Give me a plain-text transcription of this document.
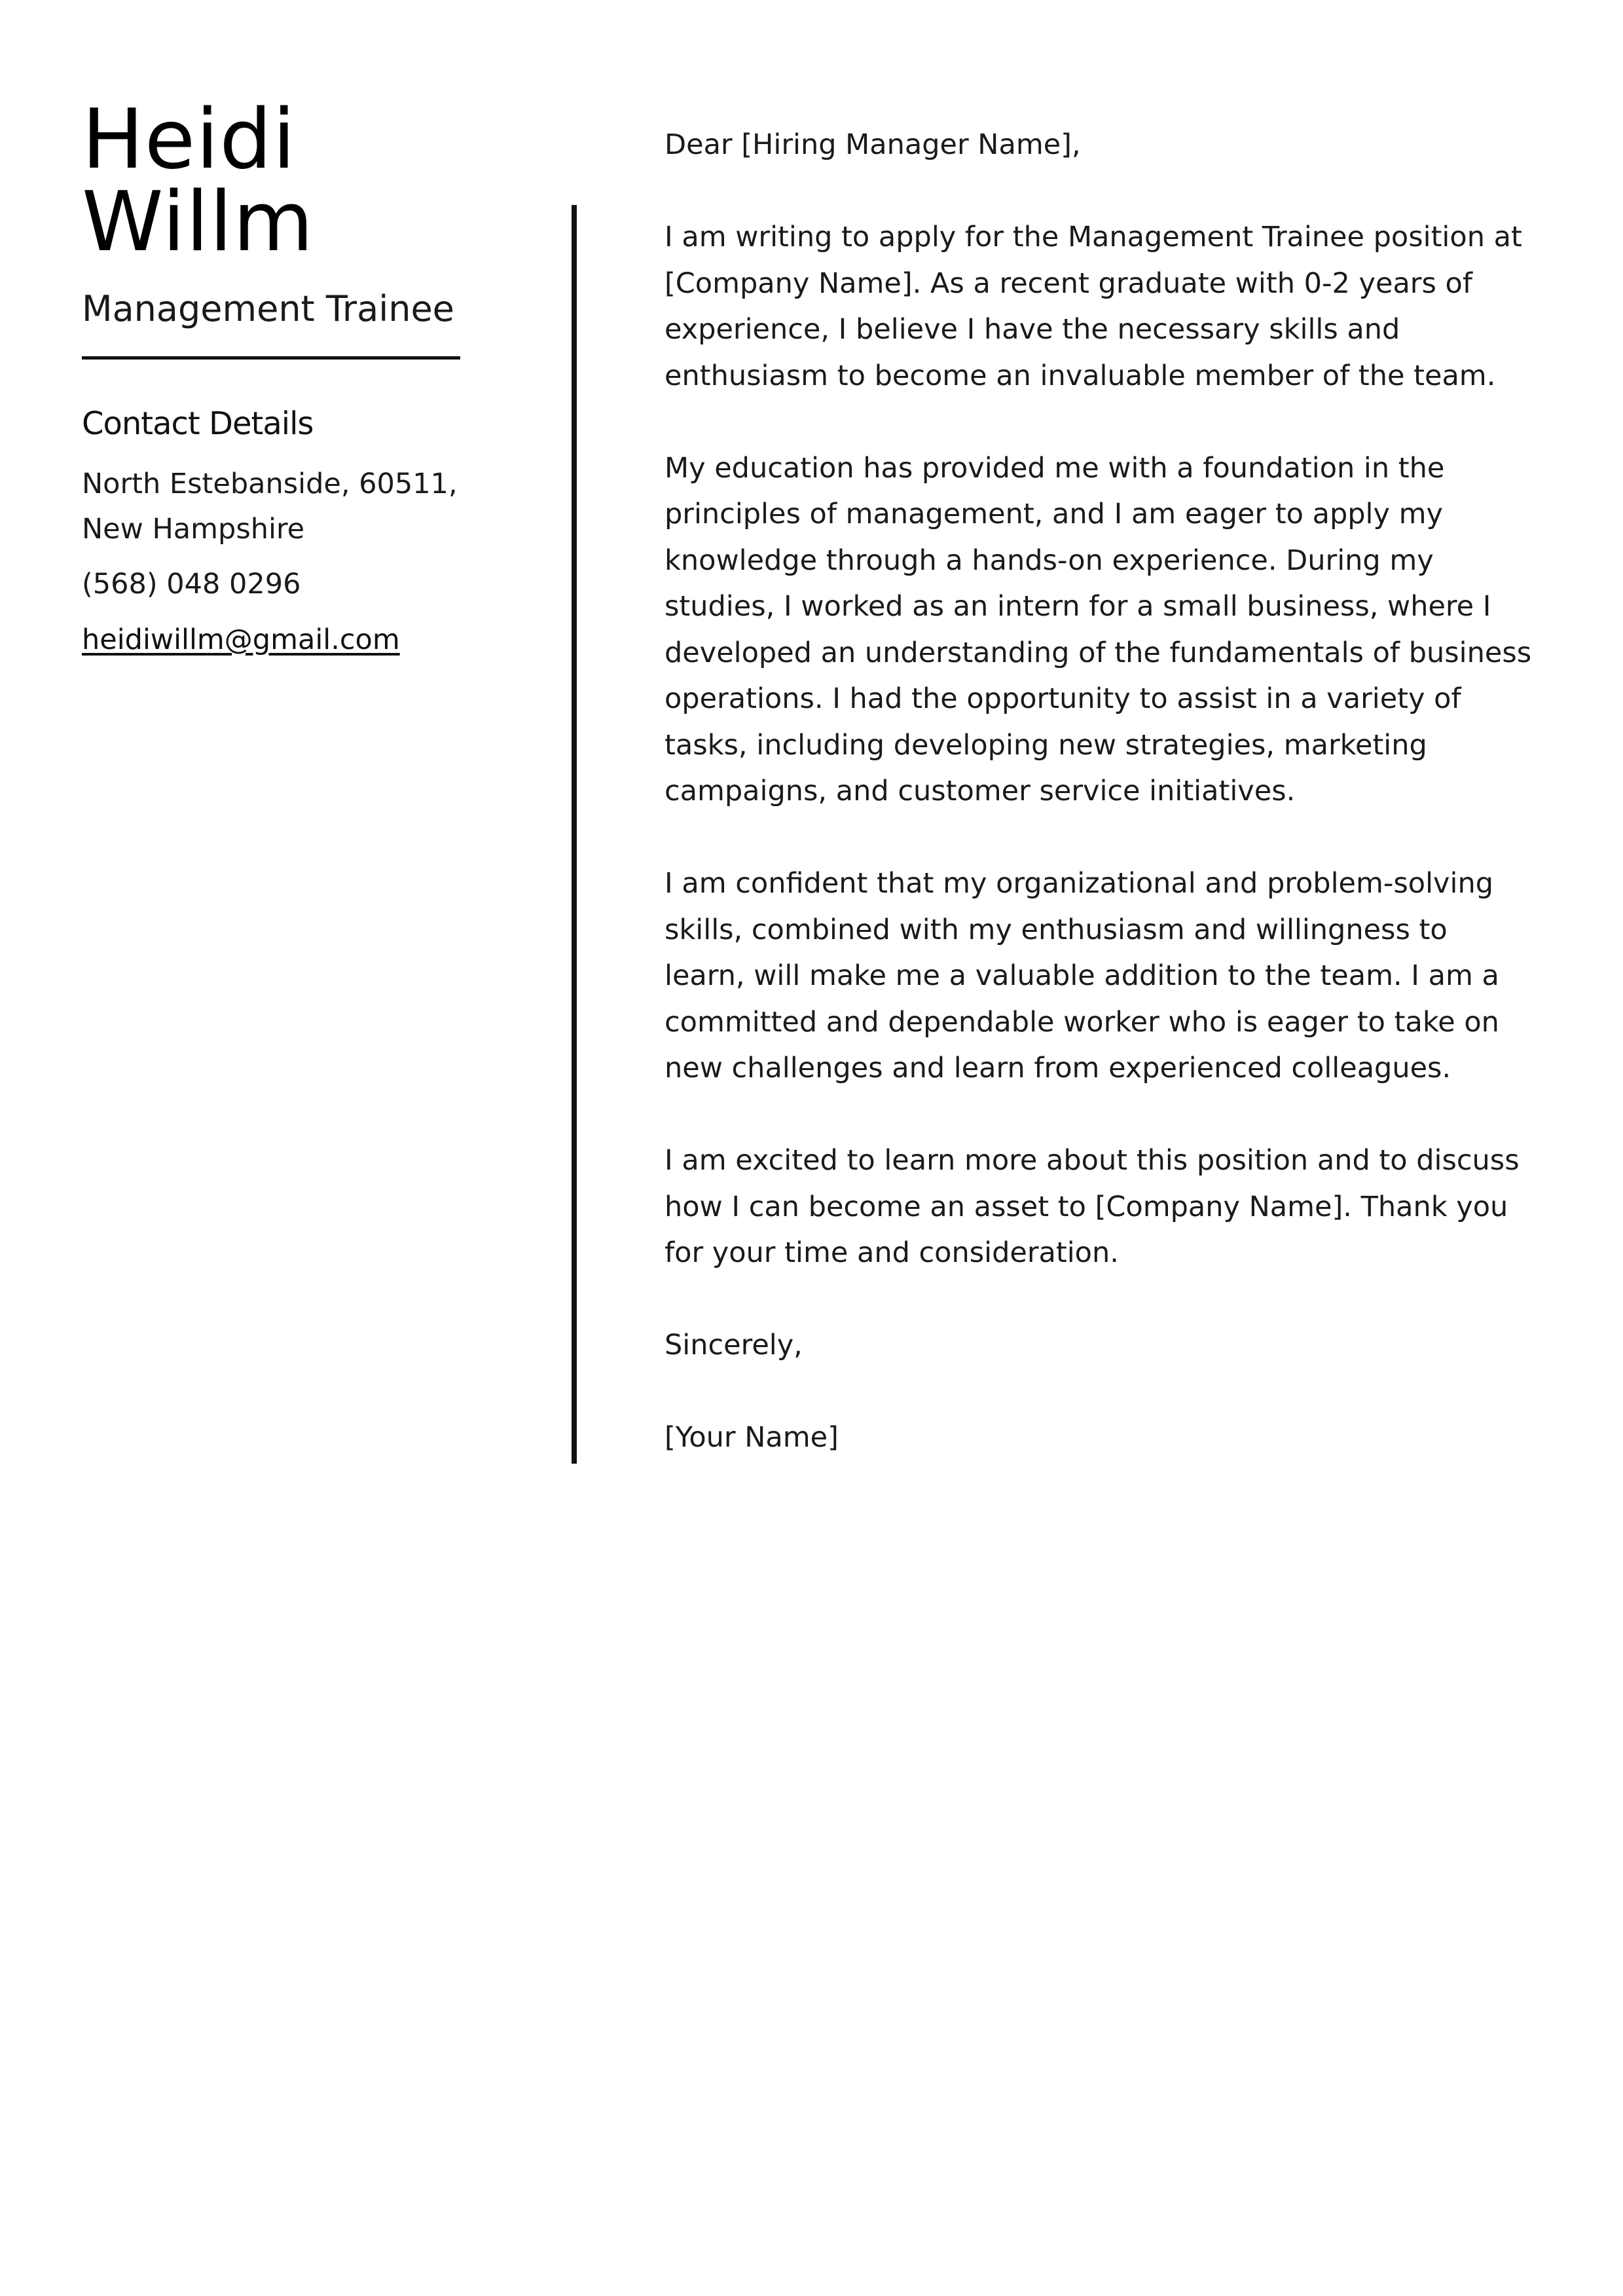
Heidi
Willm
Management Trainee
Contact Details
North Estebanside, 60511,
New Hampshire
(568) 048 0296
heidiwillm@gmail.com

Dear [Hiring Manager Name],

I am writing to apply for the Management Trainee position at [Company Name]. As a recent graduate with 0-2 years of experience, I believe I have the necessary skills and enthusiasm to become an invaluable member of the team.

My education has provided me with a foundation in the principles of management, and I am eager to apply my knowledge through a hands-on experience. During my studies, I worked as an intern for a small business, where I developed an understanding of the fundamentals of business operations. I had the opportunity to assist in a variety of tasks, including developing new strategies, marketing campaigns, and customer service initiatives.

I am confident that my organizational and problem-solving skills, combined with my enthusiasm and willingness to learn, will make me a valuable addition to the team. I am a committed and dependable worker who is eager to take on new challenges and learn from experienced colleagues.

I am excited to learn more about this position and to discuss how I can become an asset to [Company Name]. Thank you for your time and consideration.

Sincerely,

[Your Name]
